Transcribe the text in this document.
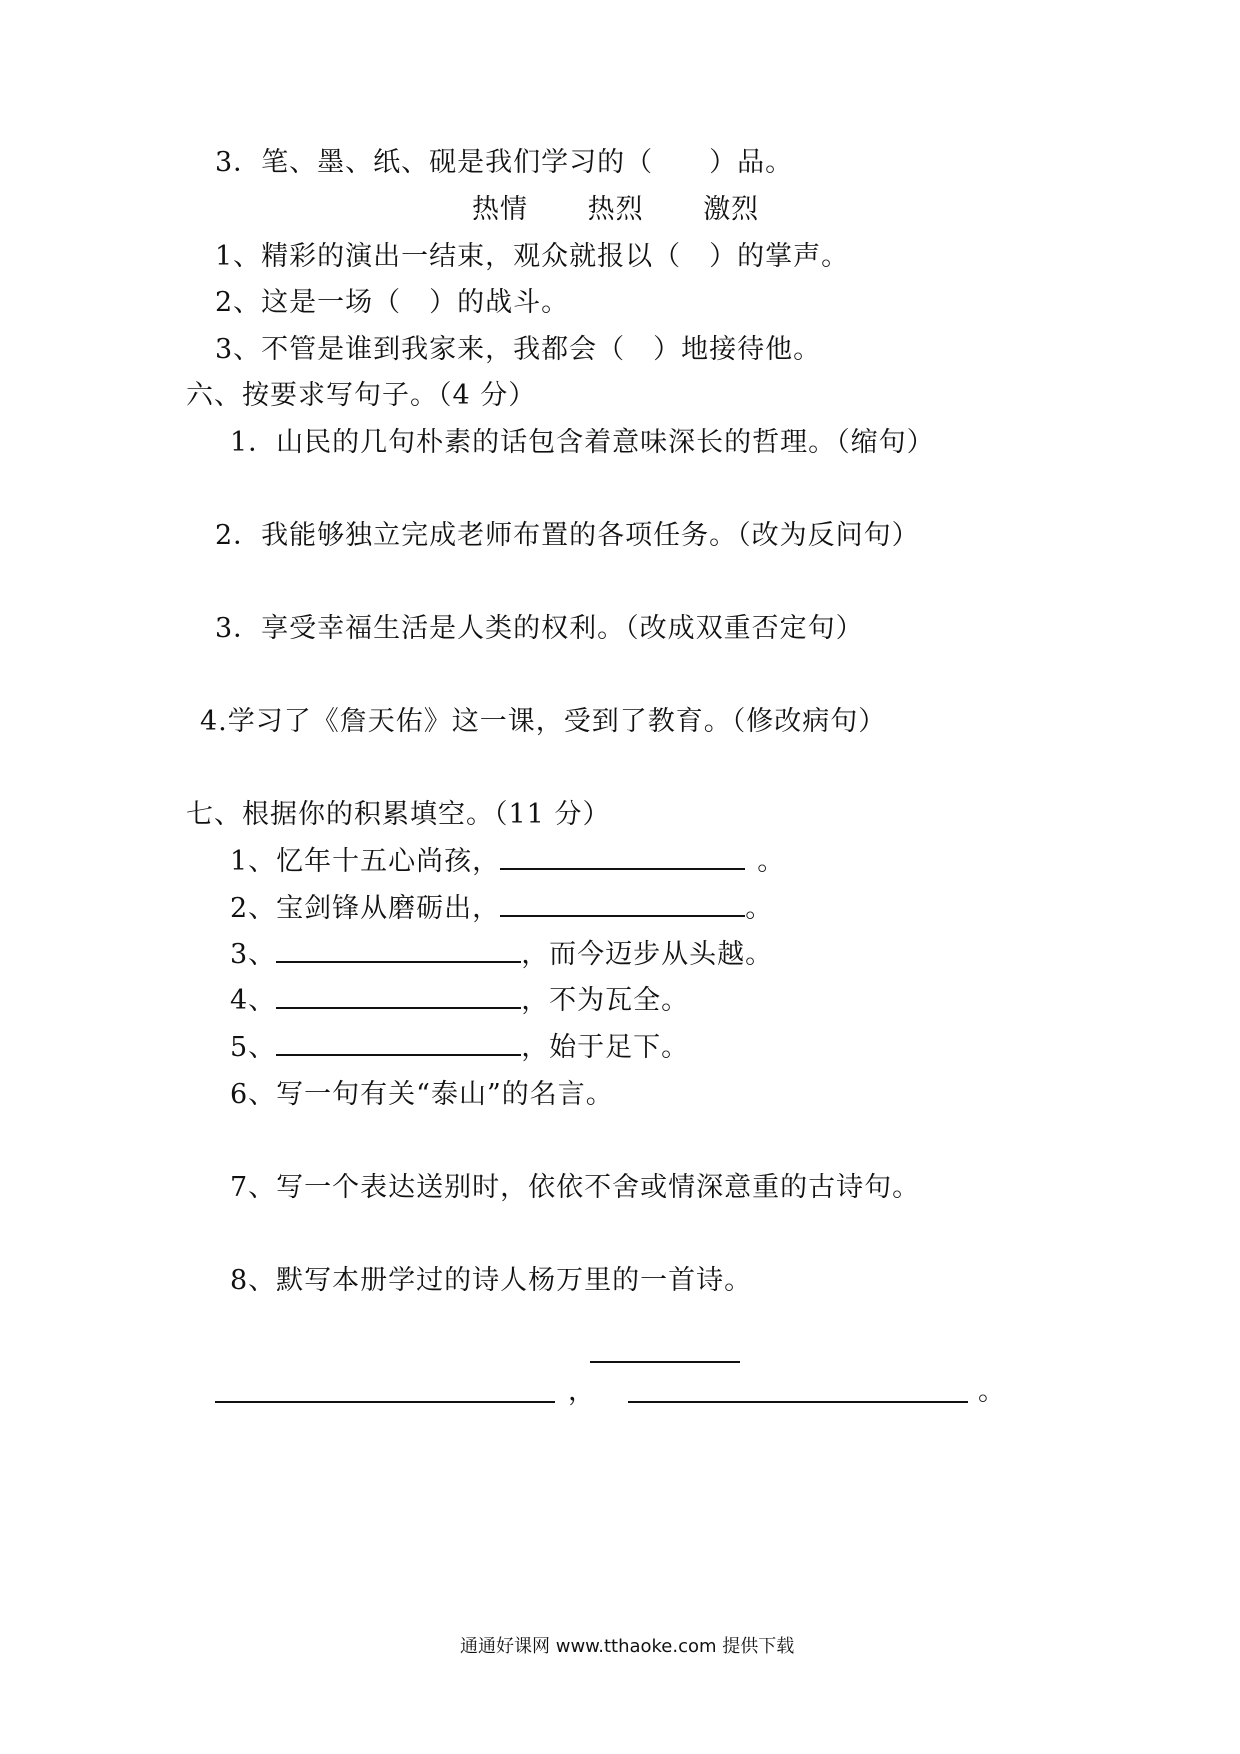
3．笔、墨、纸、砚是我们学习的（　　）品。
热情 热烈 激烈
1、精彩的演出一结束，观众就报以（　）的掌声。
2、这是一场（　）的战斗。
3、不管是谁到我家来，我都会（　）地接待他。
六、按要求写句子。（4 分）
1．山民的几句朴素的话包含着意味深长的哲理。（缩句）
2．我能够独立完成老师布置的各项任务。（改为反问句）
3．享受幸福生活是人类的权利。（改成双重否定句）
4.学习了《詹天佑》这一课，受到了教育。（修改病句）
七、根据你的积累填空。（11 分）
1、忆年十五心尚孩，	。
2、宝剑锋从磨砺出，	。
3、	，而今迈步从头越。
4、	，不为瓦全。
5、	，始于足下。
6、写一句有关“泰山”的名言。
7、写一个表达送别时，依依不舍或情深意重的古诗句。
8、默写本册学过的诗人杨万里的一首诗。
，	。
通通好课网 www.tthaoke.com 提供下载
